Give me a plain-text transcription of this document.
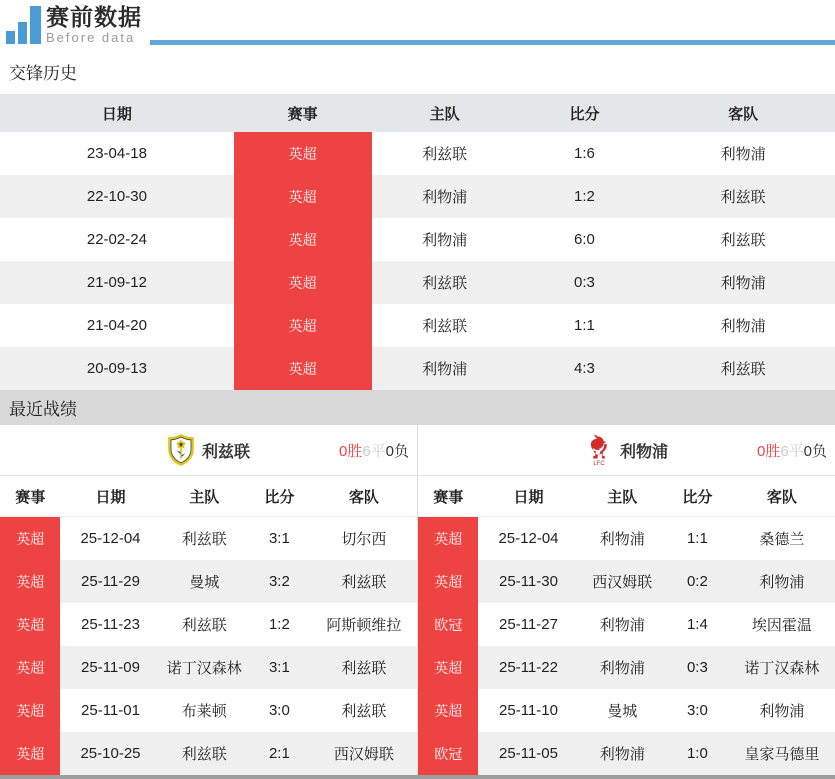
赛前数据
Before data
交锋历史
日期	赛事	主队	比分	客队
23-04-18	英超	利兹联	1:6	利物浦
22-10-30	英超	利物浦	1:2	利兹联
22-02-24	英超	利物浦	6:0	利兹联
21-09-12	英超	利兹联	0:3	利物浦
21-04-20	英超	利兹联	1:1	利物浦
20-09-13	英超	利物浦	4:3	利兹联
最近战绩
利兹联	0胜 6平 0负
赛事	日期	主队	比分	客队
英超	25-12-04	利兹联	3:1	切尔西
英超	25-11-29	曼城	3:2	利兹联
英超	25-11-23	利兹联	1:2	阿斯顿维拉
英超	25-11-09	诺丁汉森林	3:1	利兹联
英超	25-11-01	布莱顿	3:0	利兹联
英超	25-10-25	利兹联	2:1	西汉姆联
LFC
利物浦	0胜 6平 0负
赛事	日期	主队	比分	客队
英超	25-12-04	利物浦	1:1	桑德兰
英超	25-11-30	西汉姆联	0:2	利物浦
欧冠	25-11-27	利物浦	1:4	埃因霍温
英超	25-11-22	利物浦	0:3	诺丁汉森林
英超	25-11-10	曼城	3:0	利物浦
欧冠	25-11-05	利物浦	1:0	皇家马德里
